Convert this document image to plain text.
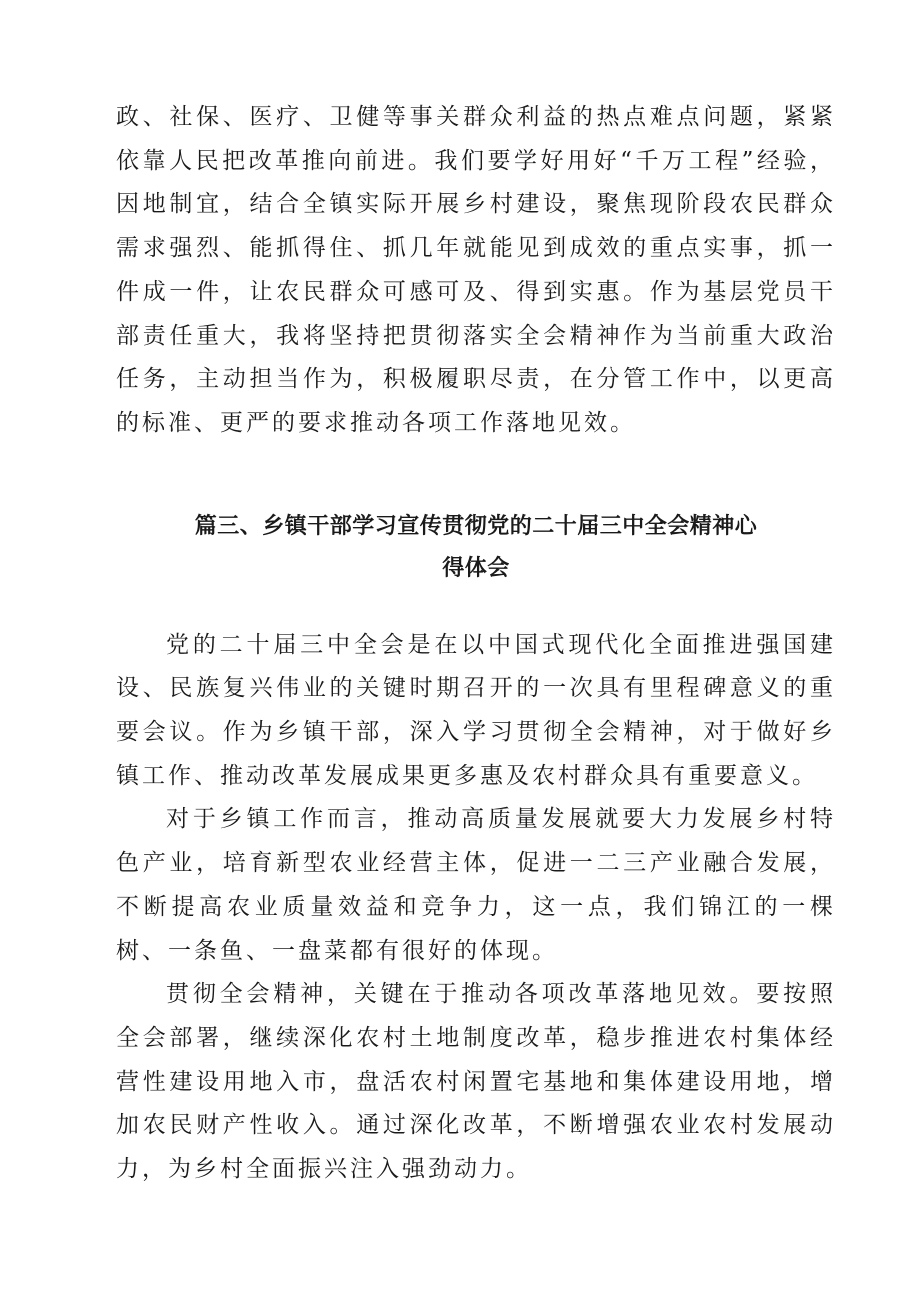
政、社保、医疗、卫健等事关群众利益的热点难点问题，紧紧依靠人民把改革推向前进。我们要学好用好“千万工程”经验，因地制宜，结合全镇实际开展乡村建设，聚焦现阶段农民群众需求强烈、能抓得住、抓几年就能见到成效的重点实事，抓一件成一件，让农民群众可感可及、得到实惠。作为基层党员干部责任重大，我将坚持把贯彻落实全会精神作为当前重大政治任务，主动担当作为，积极履职尽责，在分管工作中，以更高的标准、更严的要求推动各项工作落地见效。

篇三、乡镇干部学习宣传贯彻党的二十届三中全会精神心
得体会

党的二十届三中全会是在以中国式现代化全面推进强国建设、民族复兴伟业的关键时期召开的一次具有里程碑意义的重要会议。作为乡镇干部，深入学习贯彻全会精神，对于做好乡镇工作、推动改革发展成果更多惠及农村群众具有重要意义。

对于乡镇工作而言，推动高质量发展就要大力发展乡村特色产业，培育新型农业经营主体，促进一二三产业融合发展，不断提高农业质量效益和竞争力，这一点，我们锦江的一棵树、一条鱼、一盘菜都有很好的体现。

贯彻全会精神，关键在于推动各项改革落地见效。要按照全会部署，继续深化农村土地制度改革，稳步推进农村集体经营性建设用地入市，盘活农村闲置宅基地和集体建设用地，增加农民财产性收入。通过深化改革，不断增强农业农村发展动力，为乡村全面振兴注入强劲动力。
